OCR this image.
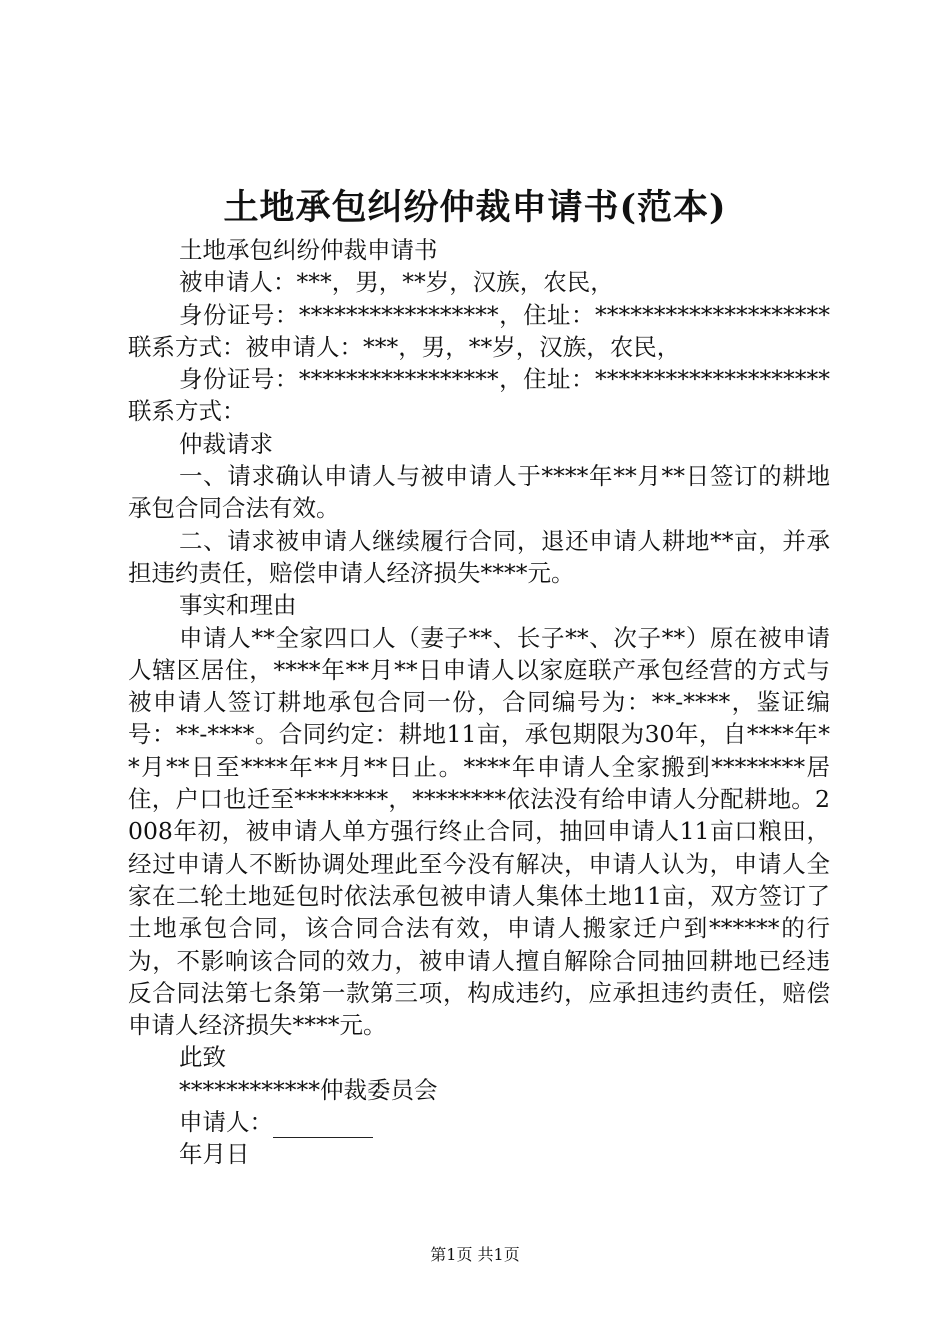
土地承包纠纷仲裁申请书(范本)

土地承包纠纷仲裁申请书

被申请人：***，男，**岁，汉族，农民，

身份证号：*****************，住址：********************联系方式：被申请人：***，男，**岁，汉族，农民，

身份证号：*****************，住址：********************联系方式：

仲裁请求

一、请求确认申请人与被申请人于****年**月**日签订的耕地承包合同合法有效。

二、请求被申请人继续履行合同，退还申请人耕地**亩，并承担违约责任，赔偿申请人经济损失****元。

事实和理由

申请人**全家四口人（妻子**、长子**、次子**）原在被申请人辖区居住，****年**月**日申请人以家庭联产承包经营的方式与被申请人签订耕地承包合同一份，合同编号为：**-****，鉴证编号：**-****。合同约定：耕地11亩，承包期限为30年，自****年**月**日至****年**月**日止。****年申请人全家搬到********居住，户口也迁至********，********依法没有给申请人分配耕地。2008年初，被申请人单方强行终止合同，抽回申请人11亩口粮田，经过申请人不断协调处理此至今没有解决，申请人认为，申请人全家在二轮土地延包时依法承包被申请人集体土地11亩，双方签订了土地承包合同，该合同合法有效，申请人搬家迁户到******的行为，不影响该合同的效力，被申请人擅自解除合同抽回耕地已经违反合同法第七条第一款第三项，构成违约，应承担违约责任，赔偿申请人经济损失****元。

此致

************仲裁委员会

申请人：

年月日

第1页 共1页
